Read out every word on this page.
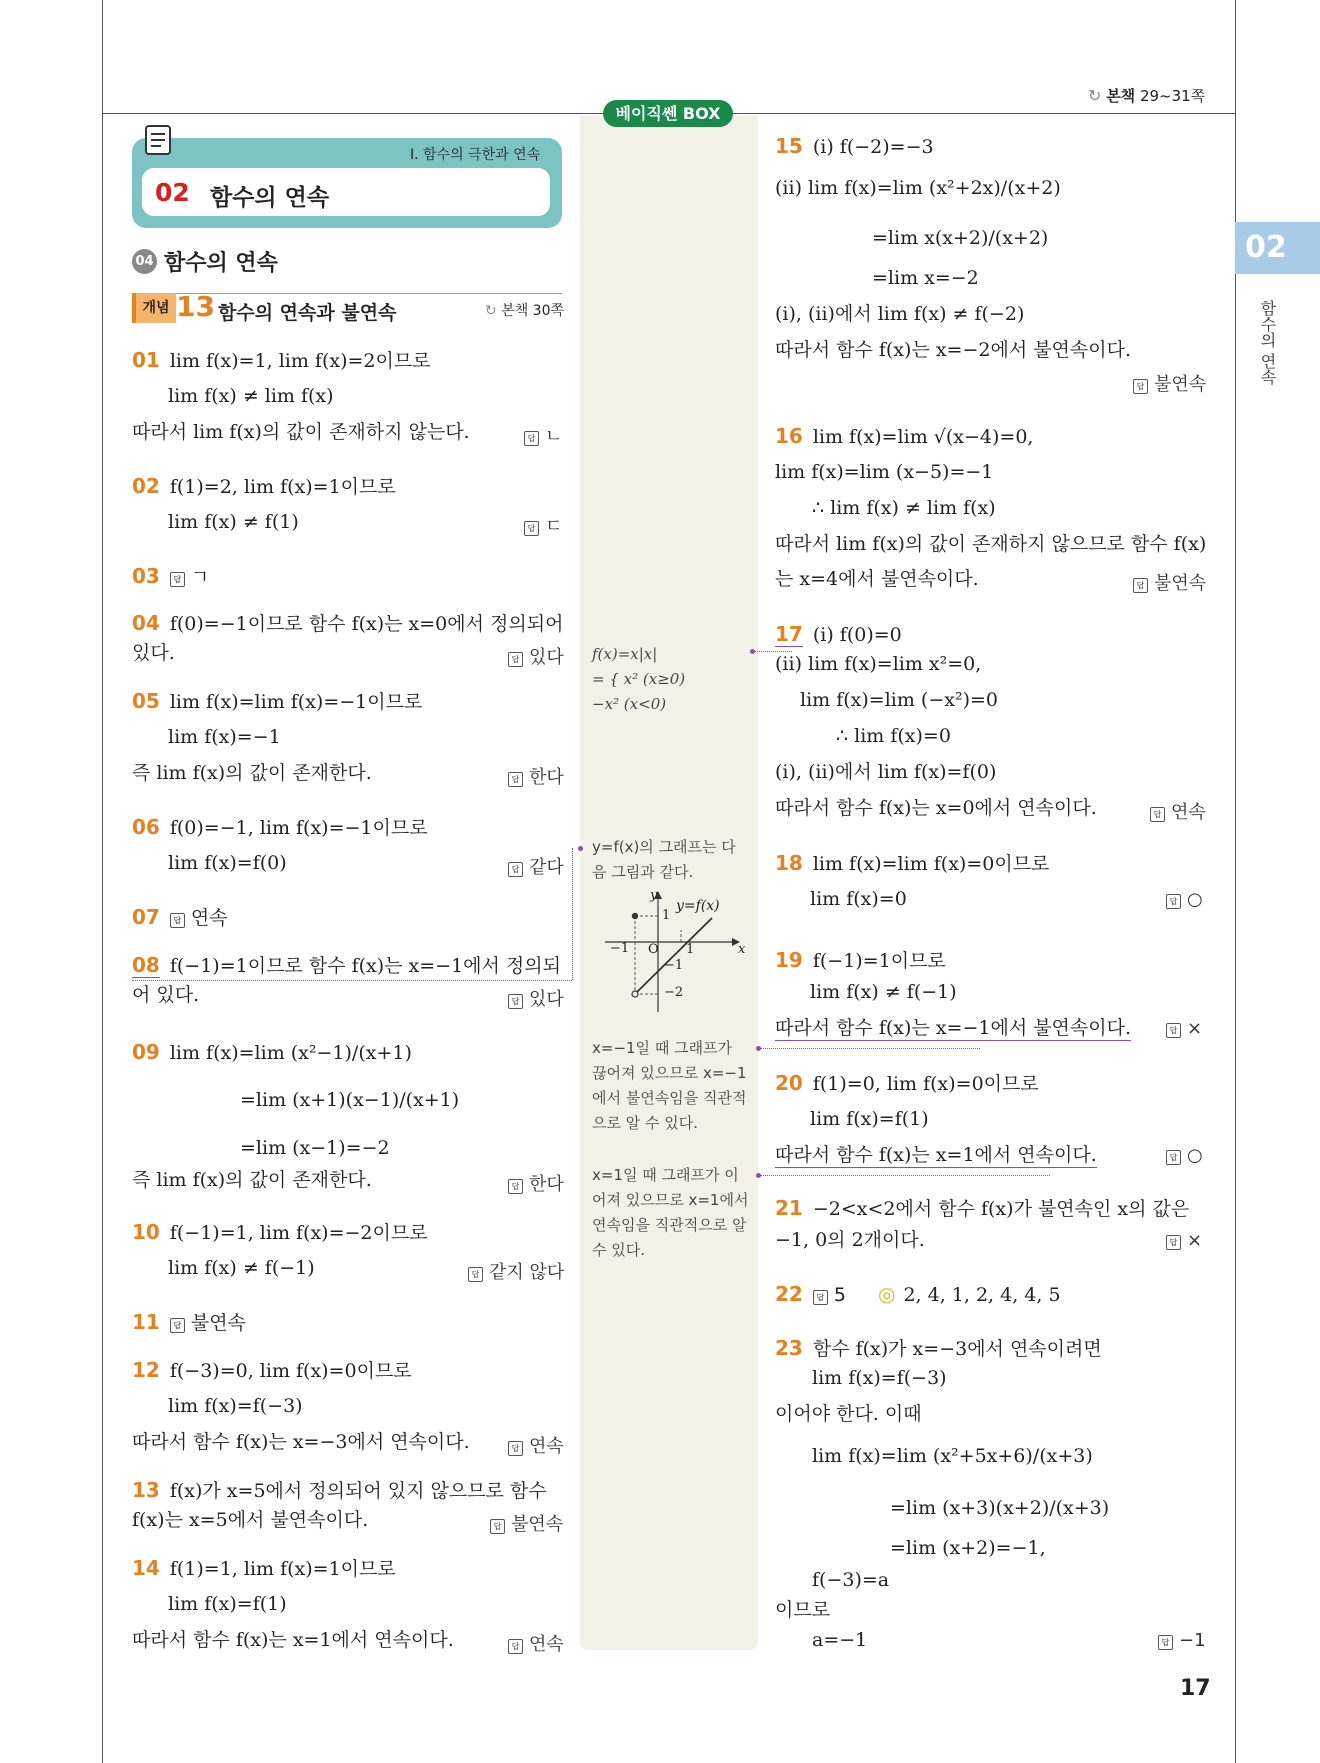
↻ 본책 29~31쪽
02
함수의 연속
베이직쎈 BOX
Ⅰ. 함수의 극한과 연속
02 함수의 연속
04 함수의 연속
개념 13 함수의 연속과 불연속	↻ 본책 30쪽
01 lim f(x)=1, lim f(x)=2이므로
lim f(x) ≠ lim f(x)
따라서 lim f(x)의 값이 존재하지 않는다.	답 ㄴ
02 f(1)=2, lim f(x)=1이므로
lim f(x) ≠ f(1)	답 ㄷ
03 답 ㄱ
04 f(0)=−1이므로 함수 f(x)는 x=0에서 정의되어
있다.	답 있다
05 lim f(x)=lim f(x)=−1이므로
lim f(x)=−1
즉 lim f(x)의 값이 존재한다.	답 한다
06 f(0)=−1, lim f(x)=−1이므로
lim f(x)=f(0)	답 같다
07 답 연속
08 f(−1)=1이므로 함수 f(x)는 x=−1에서 정의되
어 있다.	답 있다
09 lim f(x)=lim (x²−1)/(x+1)
=lim (x+1)(x−1)/(x+1)
=lim (x−1)=−2
즉 lim f(x)의 값이 존재한다.	답 한다
10 f(−1)=1, lim f(x)=−2이므로
lim f(x) ≠ f(−1)	답 같지 않다
11 답 불연속
12 f(−3)=0, lim f(x)=0이므로
lim f(x)=f(−3)
따라서 함수 f(x)는 x=−3에서 연속이다.	답 연속
13 f(x)가 x=5에서 정의되어 있지 않으므로 함수
f(x)는 x=5에서 불연속이다.	답 불연속
14 f(1)=1, lim f(x)=1이므로
lim f(x)=f(1)
따라서 함수 f(x)는 x=1에서 연속이다.	답 연속
f(x)=x|x|
= { x² (x≥0)
−x² (x<0)
y=f(x)의 그래프는 다
음 그림과 같다.
y
y=f(x)
1
x
−1 O 1
−1
−2
x=−1일 때 그래프가
끊어져 있으므로 x=−1
에서 불연속임을 직관적
으로 알 수 있다.
x=1일 때 그래프가 이
어져 있으므로 x=1에서
연속임을 직관적으로 알
수 있다.
15 (i) f(−2)=−3
(ii) lim f(x)=lim (x²+2x)/(x+2)
=lim x(x+2)/(x+2)
=lim x=−2
(i), (ii)에서 lim f(x) ≠ f(−2)
따라서 함수 f(x)는 x=−2에서 불연속이다.
답 불연속
16 lim f(x)=lim √(x−4)=0,
lim f(x)=lim (x−5)=−1
∴ lim f(x) ≠ lim f(x)
따라서 lim f(x)의 값이 존재하지 않으므로 함수 f(x)
는 x=4에서 불연속이다.	답 불연속
17 (i) f(0)=0
(ii) lim f(x)=lim x²=0,
lim f(x)=lim (−x²)=0
∴ lim f(x)=0
(i), (ii)에서 lim f(x)=f(0)
따라서 함수 f(x)는 x=0에서 연속이다.	답 연속
18 lim f(x)=lim f(x)=0이므로
lim f(x)=0	답 ○
19 f(−1)=1이므로
lim f(x) ≠ f(−1)
따라서 함수 f(x)는 x=−1에서 불연속이다.	답 ×
20 f(1)=0, lim f(x)=0이므로
lim f(x)=f(1)
따라서 함수 f(x)는 x=1에서 연속이다.	답 ○
21 −2<x<2에서 함수 f(x)가 불연속인 x의 값은
−1, 0의 2개이다.	답 ×
22 답 5 ◎ 2, 4, 1, 2, 4, 4, 5
23 함수 f(x)가 x=−3에서 연속이려면
lim f(x)=f(−3)
이어야 한다. 이때
lim f(x)=lim (x²+5x+6)/(x+3)
=lim (x+3)(x+2)/(x+3)
=lim (x+2)=−1,
f(−3)=a
이므로
a=−1	답 −1
17
